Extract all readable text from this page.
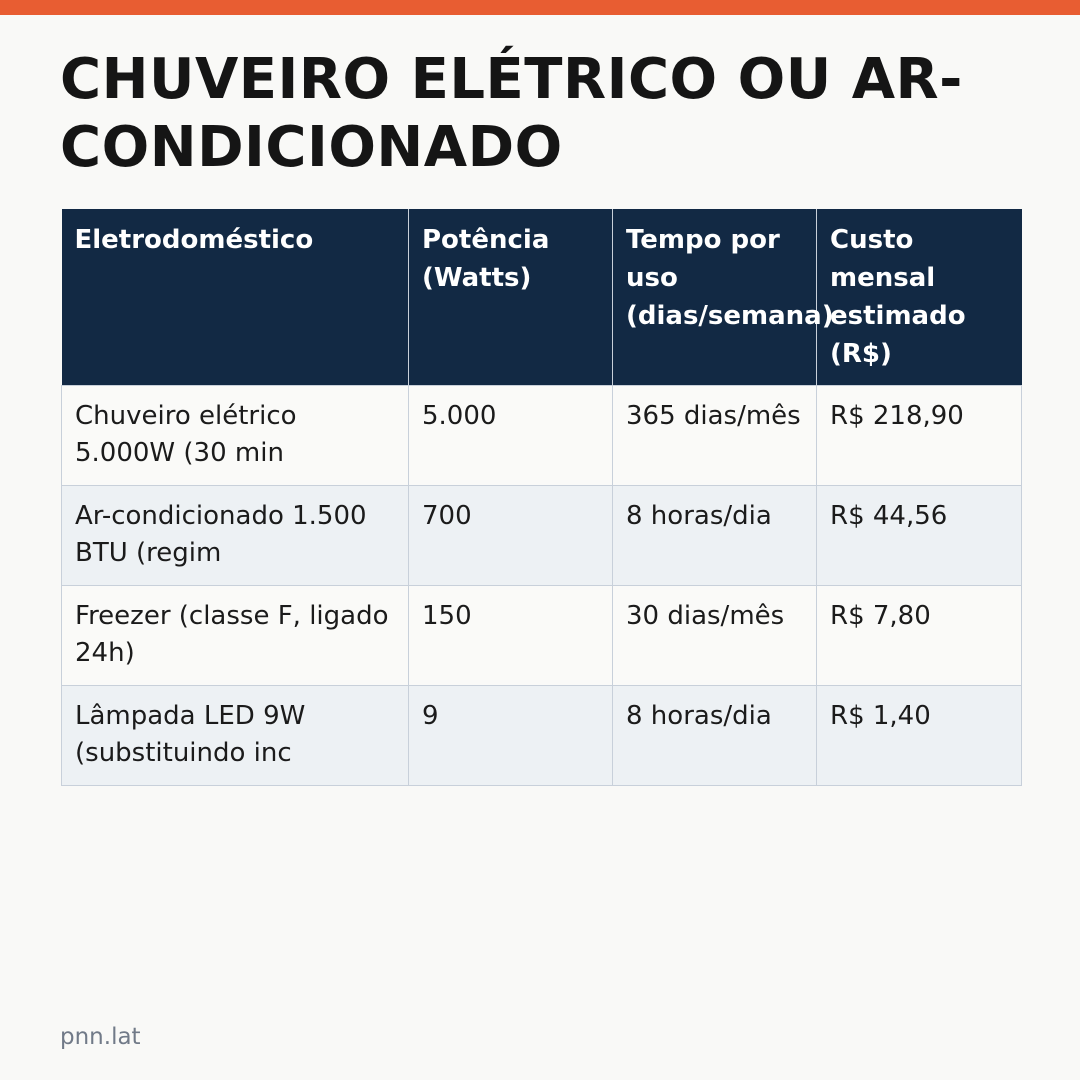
CHUVEIRO ELÉTRICO OU AR-CONDICIONADO
Eletrodoméstico	Potência (Watts)	Tempo por uso (dias/semana)	Custo mensal estimado (R$)

Chuveiro elétrico 5.000W (30 min	5.000	365 dias/mês	R$ 218,90

Ar-condicionado 1.500 BTU (regim	700	8 horas/dia	R$ 44,56

Freezer (classe F, ligado 24h)	150	30 dias/mês	R$ 7,80

Lâmpada LED 9W (substituindo inc	9	8 horas/dia	R$ 1,40
pnn.lat
